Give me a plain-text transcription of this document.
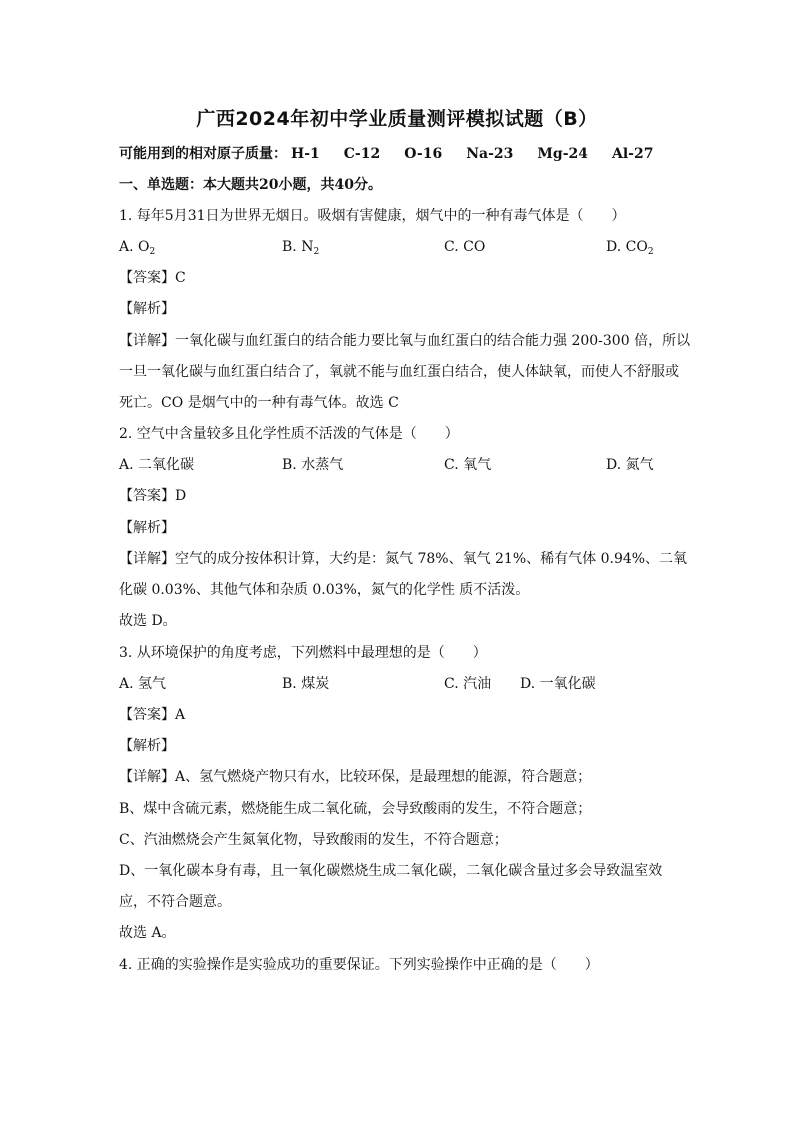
广西2024年初中学业质量测评模拟试题（B）
可能用到的相对原子质量： H-1 C-12 O-16 Na-23 Mg-24 Al-27
一、单选题：本大题共20小题，共40分。
1. 每年5月31日为世界无烟日。吸烟有害健康，烟气中的一种有毒气体是（　　）
A. $O_2$	B. $N_2$	C. CO	D. $CO_2$
【答案】C
【解析】
【详解】一氧化碳与血红蛋白的结合能力要比氧与血红蛋白的结合能力强 200-300 倍，所以
一旦一氧化碳与血红蛋白结合了，氧就不能与血红蛋白结合，使人体缺氧，而使人不舒服或
死亡。CO 是烟气中的一种有毒气体。故选 C
2. 空气中含量较多且化学性质不活泼的气体是（　　）
A. 二氧化碳	B. 水蒸气	C. 氧气	D. 氮气
【答案】D
【解析】
【详解】空气的成分按体积计算，大约是：氮气 78%、氧气 21%、稀有气体 0.94%、二氧
化碳 0.03%、其他气体和杂质 0.03%，氮气的化学性 质不活泼。
故选 D。
3. 从环境保护的角度考虑，下列燃料中最理想的是（　　）
A. 氢气	B. 煤炭	C. 汽油 D. 一氧化碳
【答案】A
【解析】
【详解】A、氢气燃烧产物只有水，比较环保，是最理想的能源，符合题意；
B、煤中含硫元素，燃烧能生成二氧化硫，会导致酸雨的发生，不符合题意；
C、汽油燃烧会产生氮氧化物，导致酸雨的发生，不符合题意；
D、一氧化碳本身有毒，且一氧化碳燃烧生成二氧化碳，二氧化碳含量过多会导致温室效
应，不符合题意。
故选 A。
4. 正确的实验操作是实验成功的重要保证。下列实验操作中正确的是（　　）
